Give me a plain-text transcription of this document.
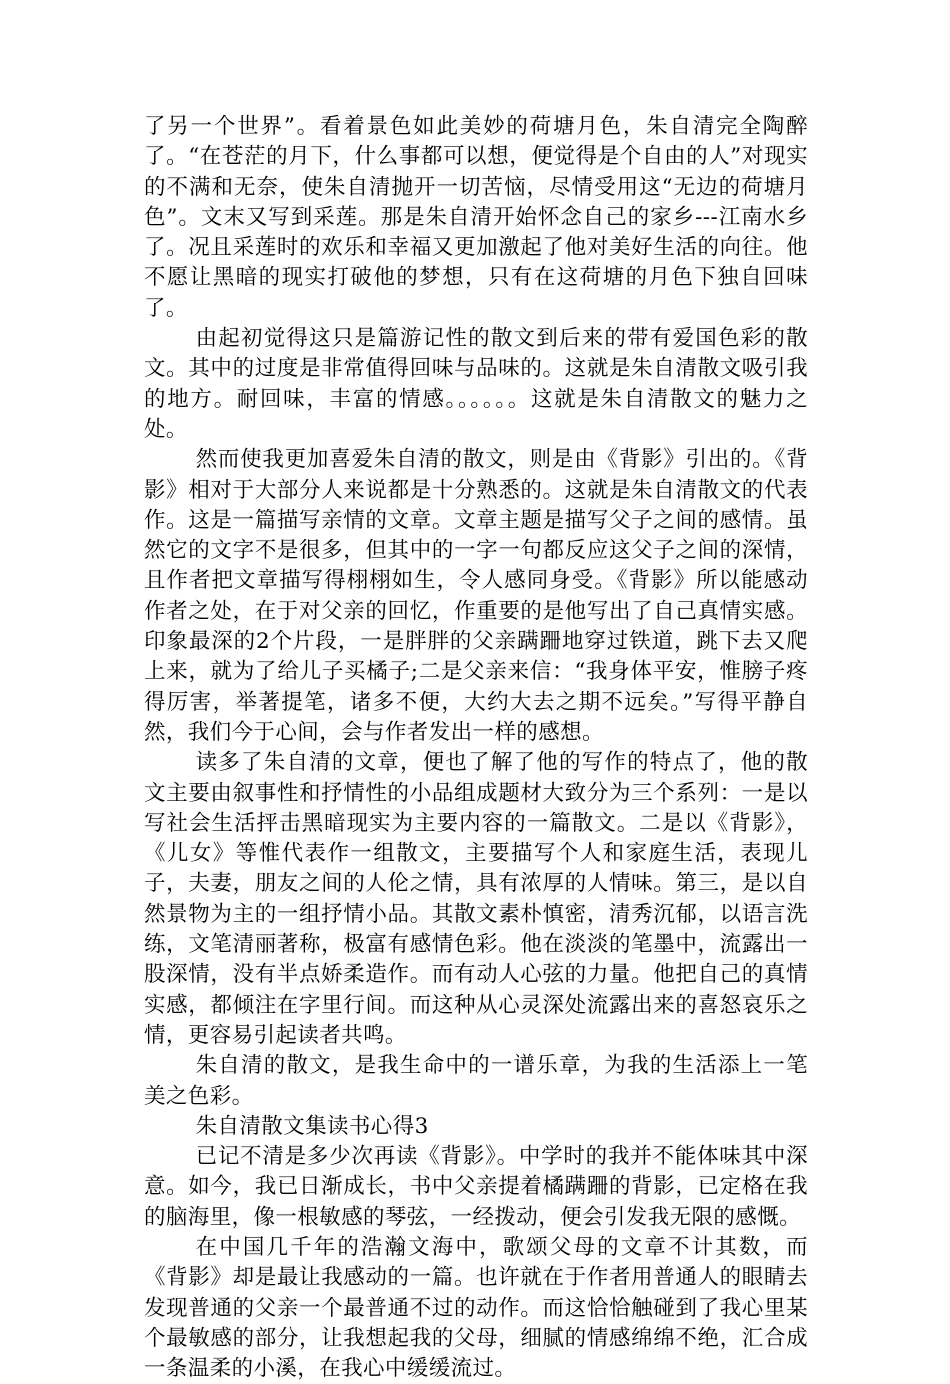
了另一个世界”。看着景色如此美妙的荷塘月色，朱自清完全陶醉了。“在苍茫的月下，什么事都可以想，便觉得是个自由的人”对现实的不满和无奈，使朱自清抛开一切苦恼，尽情受用这“无边的荷塘月色”。文末又写到采莲。那是朱自清开始怀念自己的家乡---江南水乡了。况且采莲时的欢乐和幸福又更加激起了他对美好生活的向往。他不愿让黑暗的现实打破他的梦想，只有在这荷塘的月色下独自回味了。

由起初觉得这只是篇游记性的散文到后来的带有爱国色彩的散文。其中的过度是非常值得回味与品味的。这就是朱自清散文吸引我的地方。耐回味，丰富的情感。。。。。。这就是朱自清散文的魅力之处。

然而使我更加喜爱朱自清的散文，则是由《背影》引出的。《背影》相对于大部分人来说都是十分熟悉的。这就是朱自清散文的代表作。这是一篇描写亲情的文章。文章主题是描写父子之间的感情。虽然它的文字不是很多，但其中的一字一句都反应这父子之间的深情，且作者把文章描写得栩栩如生，令人感同身受。《背影》所以能感动作者之处，在于对父亲的回忆，作重要的是他写出了自己真情实感。印象最深的2个片段，一是胖胖的父亲蹒跚地穿过铁道，跳下去又爬上来，就为了给儿子买橘子;二是父亲来信：“我身体平安，惟膀子疼得厉害，举著提笔，诸多不便，大约大去之期不远矣。”写得平静自然，我们今于心间，会与作者发出一样的感想。

读多了朱自清的文章，便也了解了他的写作的特点了，他的散文主要由叙事性和抒情性的小品组成题材大致分为三个系列：一是以写社会生活抨击黑暗现实为主要内容的一篇散文。二是以《背影》，《儿女》等惟代表作一组散文，主要描写个人和家庭生活，表现儿子，夫妻，朋友之间的人伦之情，具有浓厚的人情味。第三，是以自然景物为主的一组抒情小品。其散文素朴慎密，清秀沉郁，以语言洗练，文笔清丽著称，极富有感情色彩。他在淡淡的笔墨中，流露出一股深情，没有半点娇柔造作。而有动人心弦的力量。他把自己的真情实感，都倾注在字里行间。而这种从心灵深处流露出来的喜怒哀乐之情，更容易引起读者共鸣。

朱自清的散文，是我生命中的一谱乐章，为我的生活添上一笔美之色彩。

朱自清散文集读书心得3

已记不清是多少次再读《背影》。中学时的我并不能体味其中深意。如今，我已日渐成长，书中父亲提着橘蹒跚的背影，已定格在我的脑海里，像一根敏感的琴弦，一经拨动，便会引发我无限的感慨。

在中国几千年的浩瀚文海中，歌颂父母的文章不计其数，而《背影》却是最让我感动的一篇。也许就在于作者用普通人的眼睛去发现普通的父亲一个最普通不过的动作。而这恰恰触碰到了我心里某个最敏感的部分，让我想起我的父母，细腻的情感绵绵不绝，汇合成一条温柔的小溪，在我心中缓缓流过。
